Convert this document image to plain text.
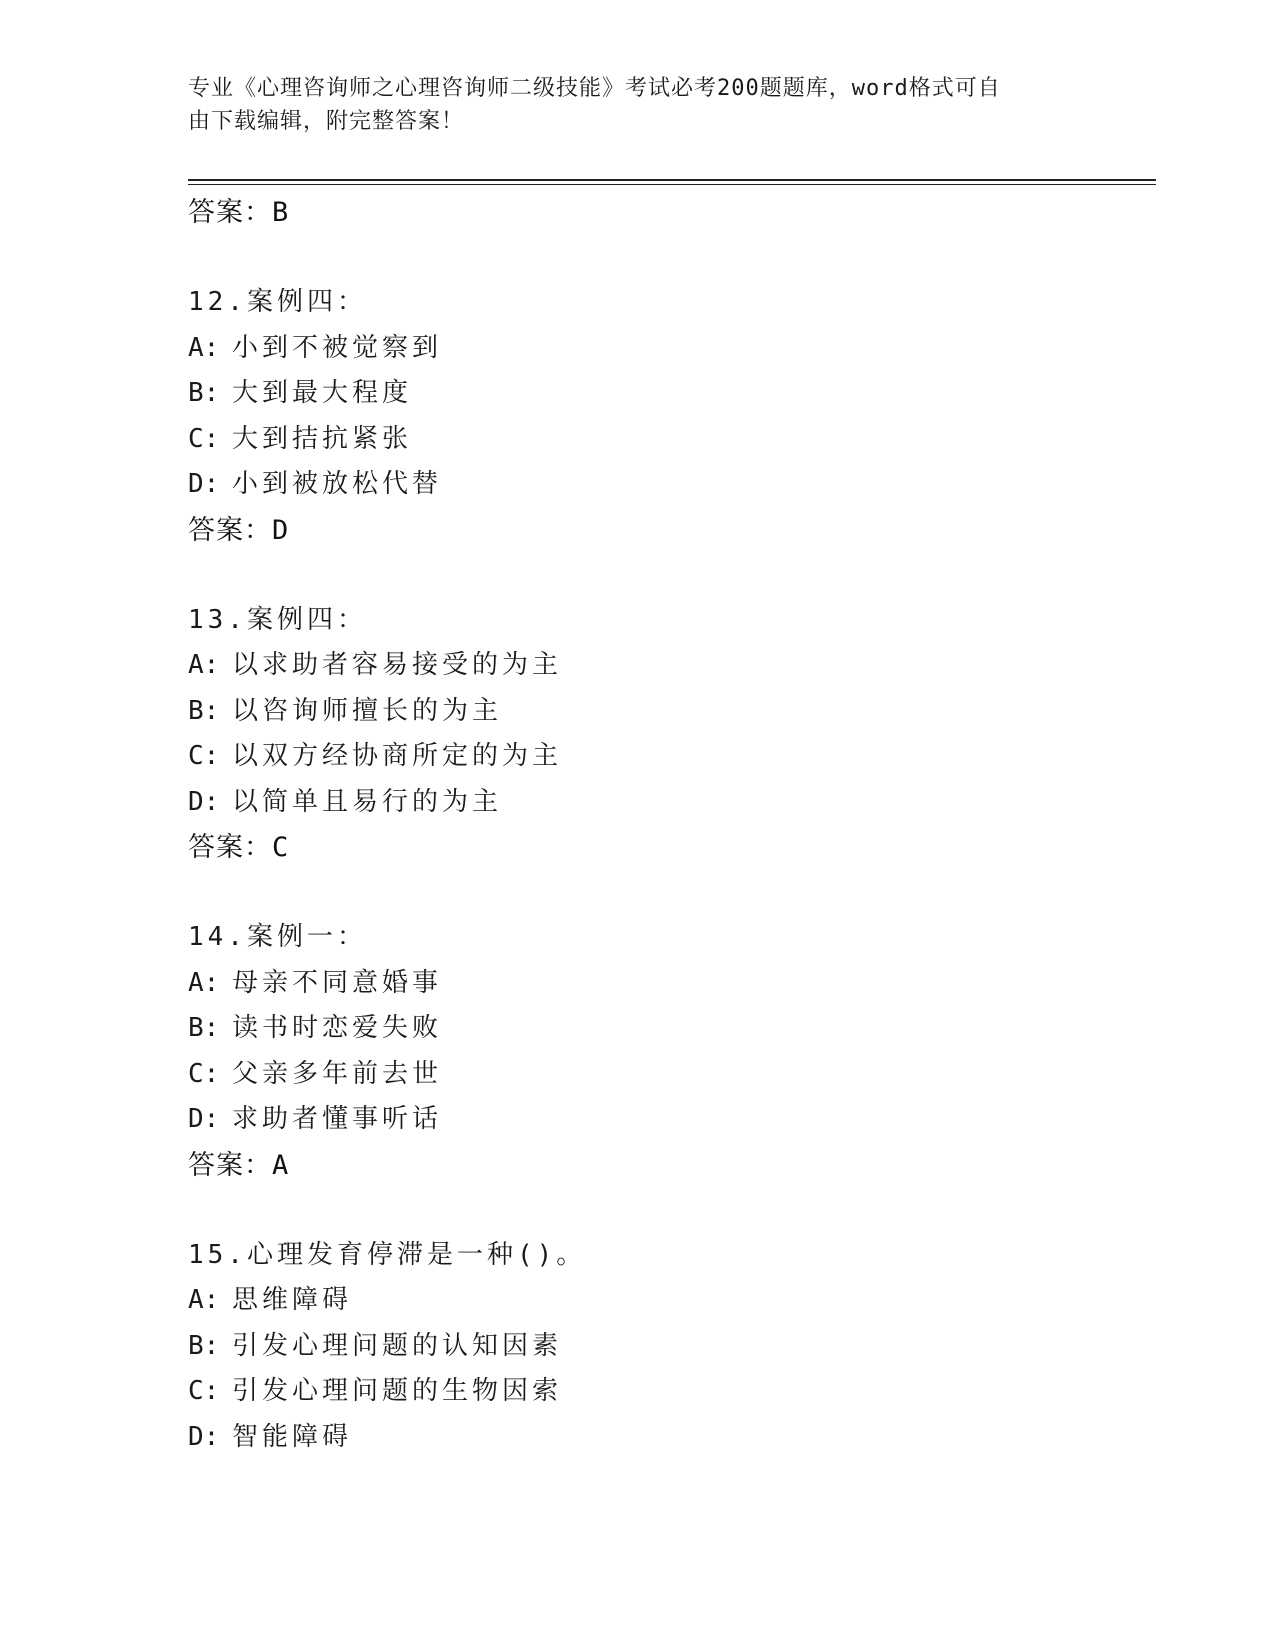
专业《心理咨询师之心理咨询师二级技能》考试必考200题题库，word格式可自
由下载编辑，附完整答案！
答案：B
12.案例四：
A: 小到不被觉察到
B: 大到最大程度
C: 大到拮抗紧张
D: 小到被放松代替
答案：D
13.案例四：
A: 以求助者容易接受的为主
B: 以咨询师擅长的为主
C: 以双方经协商所定的为主
D: 以简单且易行的为主
答案：C
14.案例一：
A: 母亲不同意婚事
B: 读书时恋爱失败
C: 父亲多年前去世
D: 求助者懂事听话
答案：A
15.心理发育停滞是一种()。
A: 思维障碍
B: 引发心理问题的认知因素
C: 引发心理问题的生物因索
D: 智能障碍
